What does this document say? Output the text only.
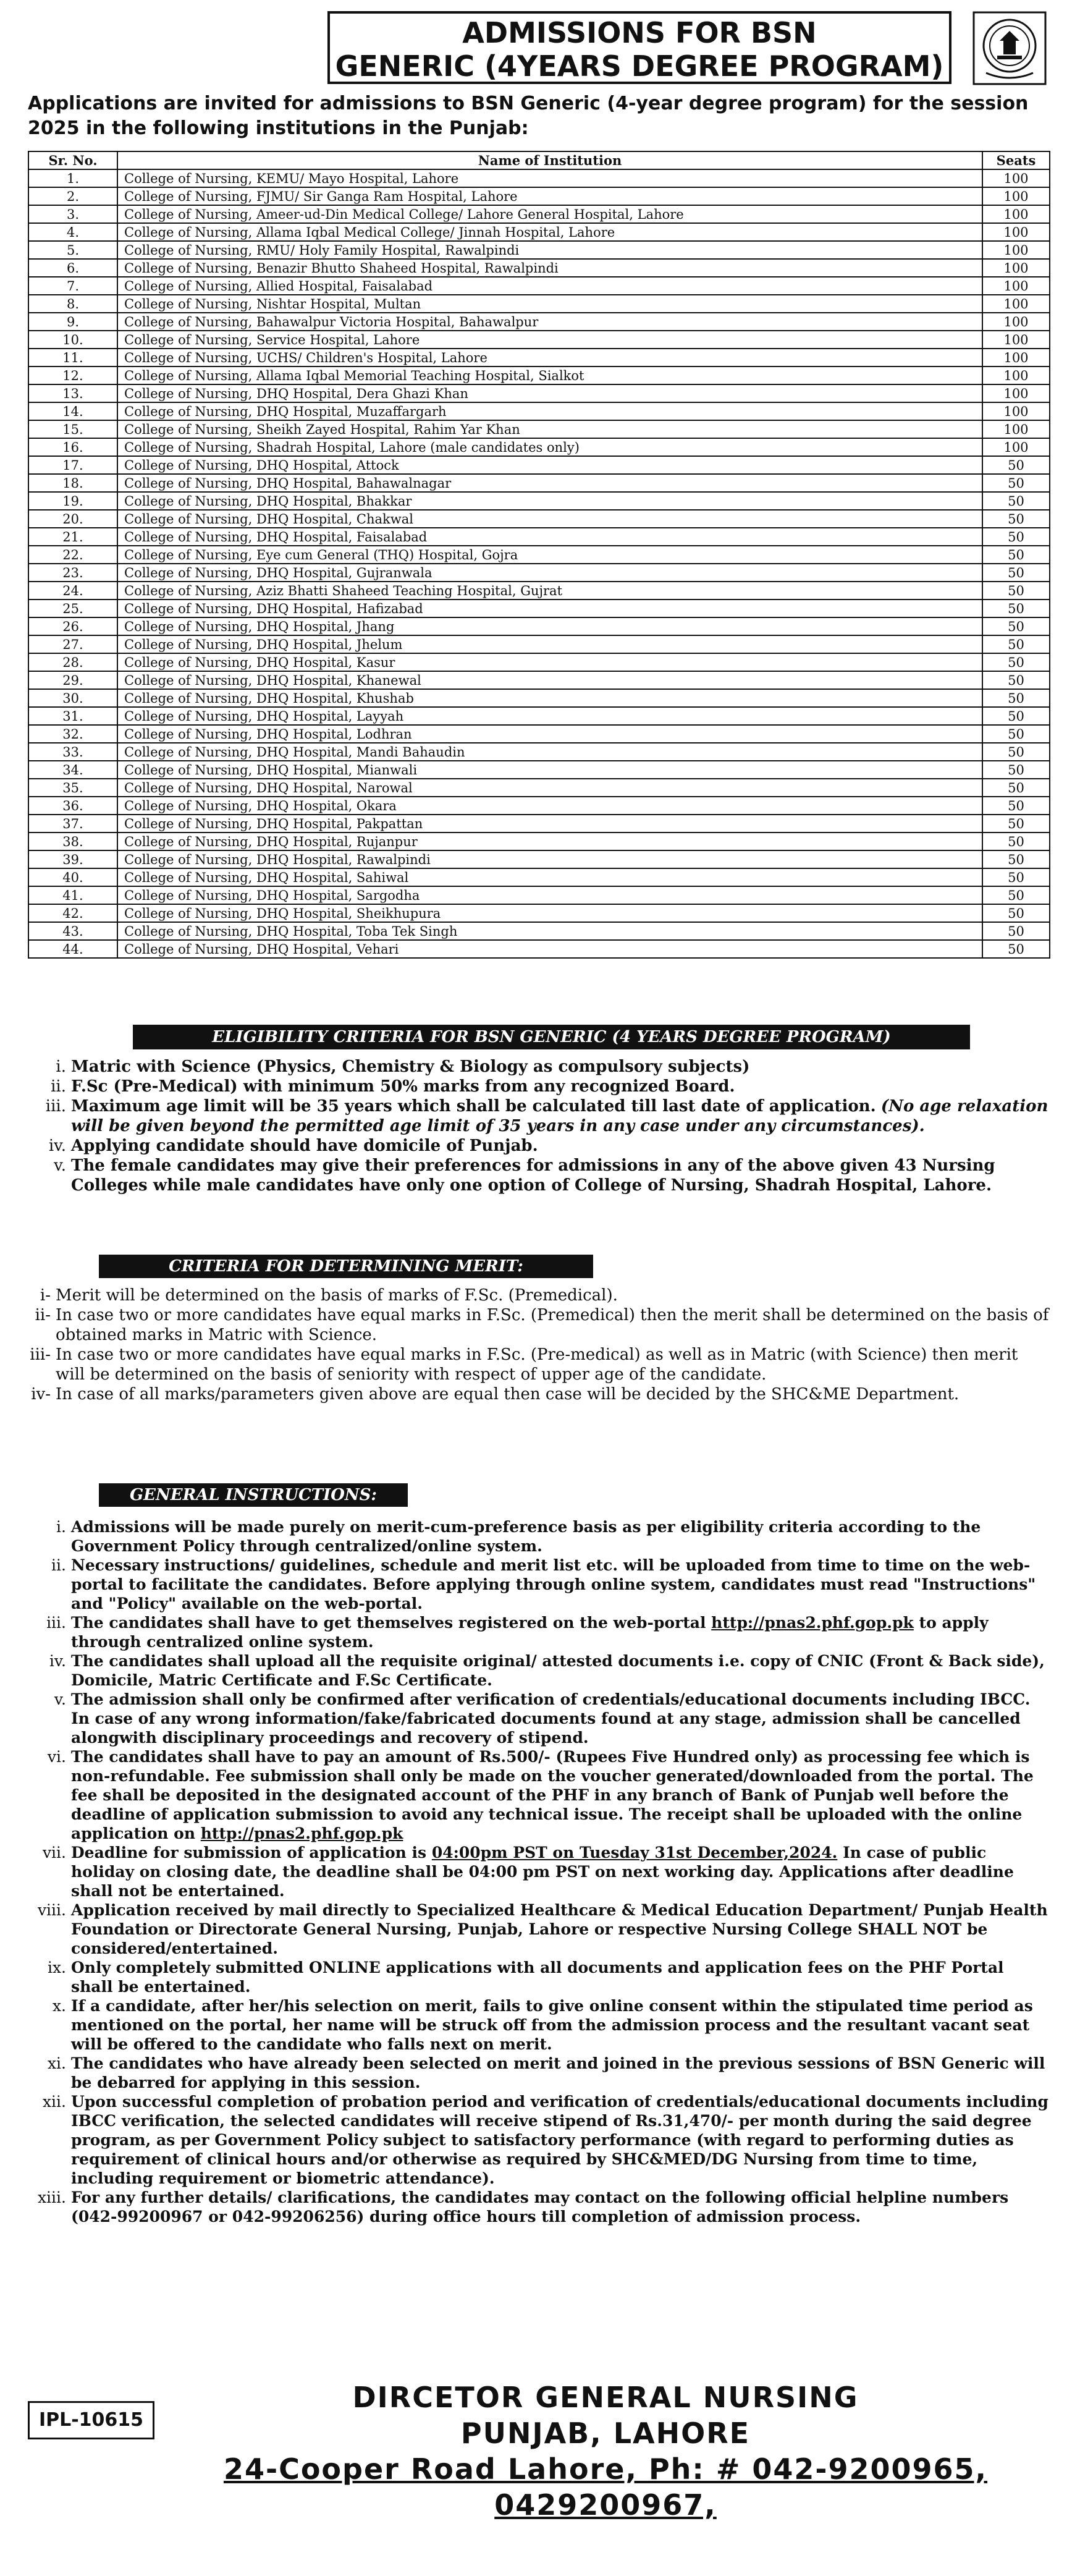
ADMISSIONS FOR BSN
GENERIC (4YEARS DEGREE PROGRAM)
Applications are invited for admissions to BSN Generic (4-year degree program) for the session 2025 in the following institutions in the Punjab:
Sr. No.	Name of Institution	Seats
1.	College of Nursing, KEMU/ Mayo Hospital, Lahore	100
2.	College of Nursing, FJMU/ Sir Ganga Ram Hospital, Lahore	100
3.	College of Nursing, Ameer-ud-Din Medical College/ Lahore General Hospital, Lahore	100
4.	College of Nursing, Allama Iqbal Medical College/ Jinnah Hospital, Lahore	100
5.	College of Nursing, RMU/ Holy Family Hospital, Rawalpindi	100
6.	College of Nursing, Benazir Bhutto Shaheed Hospital, Rawalpindi	100
7.	College of Nursing, Allied Hospital, Faisalabad	100
8.	College of Nursing, Nishtar Hospital, Multan	100
9.	College of Nursing, Bahawalpur Victoria Hospital, Bahawalpur	100
10.	College of Nursing, Service Hospital, Lahore	100
11.	College of Nursing, UCHS/ Children's Hospital, Lahore	100
12.	College of Nursing, Allama Iqbal Memorial Teaching Hospital, Sialkot	100
13.	College of Nursing, DHQ Hospital, Dera Ghazi Khan	100
14.	College of Nursing, DHQ Hospital, Muzaffargarh	100
15.	College of Nursing, Sheikh Zayed Hospital, Rahim Yar Khan	100
16.	College of Nursing, Shadrah Hospital, Lahore (male candidates only)	100
17.	College of Nursing, DHQ Hospital, Attock	50
18.	College of Nursing, DHQ Hospital, Bahawalnagar	50
19.	College of Nursing, DHQ Hospital, Bhakkar	50
20.	College of Nursing, DHQ Hospital, Chakwal	50
21.	College of Nursing, DHQ Hospital, Faisalabad	50
22.	College of Nursing, Eye cum General (THQ) Hospital, Gojra	50
23.	College of Nursing, DHQ Hospital, Gujranwala	50
24.	College of Nursing, Aziz Bhatti Shaheed Teaching Hospital, Gujrat	50
25.	College of Nursing, DHQ Hospital, Hafizabad	50
26.	College of Nursing, DHQ Hospital, Jhang	50
27.	College of Nursing, DHQ Hospital, Jhelum	50
28.	College of Nursing, DHQ Hospital, Kasur	50
29.	College of Nursing, DHQ Hospital, Khanewal	50
30.	College of Nursing, DHQ Hospital, Khushab	50
31.	College of Nursing, DHQ Hospital, Layyah	50
32.	College of Nursing, DHQ Hospital, Lodhran	50
33.	College of Nursing, DHQ Hospital, Mandi Bahaudin	50
34.	College of Nursing, DHQ Hospital, Mianwali	50
35.	College of Nursing, DHQ Hospital, Narowal	50
36.	College of Nursing, DHQ Hospital, Okara	50
37.	College of Nursing, DHQ Hospital, Pakpattan	50
38.	College of Nursing, DHQ Hospital, Rujanpur	50
39.	College of Nursing, DHQ Hospital, Rawalpindi	50
40.	College of Nursing, DHQ Hospital, Sahiwal	50
41.	College of Nursing, DHQ Hospital, Sargodha	50
42.	College of Nursing, DHQ Hospital, Sheikhupura	50
43.	College of Nursing, DHQ Hospital, Toba Tek Singh	50
44.	College of Nursing, DHQ Hospital, Vehari	50
ELIGIBILITY CRITERIA FOR BSN GENERIC (4 YEARS DEGREE PROGRAM)
i. Matric with Science (Physics, Chemistry & Biology as compulsory subjects)
ii. F.Sc (Pre-Medical) with minimum 50% marks from any recognized Board.
iii. Maximum age limit will be 35 years which shall be calculated till last date of application. (No age relaxation will be given beyond the permitted age limit of 35 years in any case under any circumstances).
iv. Applying candidate should have domicile of Punjab.
v. The female candidates may give their preferences for admissions in any of the above given 43 Nursing Colleges while male candidates have only one option of College of Nursing, Shadrah Hospital, Lahore.
CRITERIA FOR DETERMINING MERIT:
i- Merit will be determined on the basis of marks of F.Sc. (Premedical).
ii- In case two or more candidates have equal marks in F.Sc. (Premedical) then the merit shall be determined on the basis of obtained marks in Matric with Science.
iii- In case two or more candidates have equal marks in F.Sc. (Pre-medical) as well as in Matric (with Science) then merit will be determined on the basis of seniority with respect of upper age of the candidate.
iv- In case of all marks/parameters given above are equal then case will be decided by the SHC&ME Department.
GENERAL INSTRUCTIONS:
i. Admissions will be made purely on merit-cum-preference basis as per eligibility criteria according to the Government Policy through centralized/online system.
ii. Necessary instructions/ guidelines, schedule and merit list etc. will be uploaded from time to time on the web-portal to facilitate the candidates. Before applying through online system, candidates must read "Instructions" and "Policy" available on the web-portal.
iii. The candidates shall have to get themselves registered on the web-portal http://pnas2.phf.gop.pk to apply through centralized online system.
iv. The candidates shall upload all the requisite original/ attested documents i.e. copy of CNIC (Front & Back side), Domicile, Matric Certificate and F.Sc Certificate.
v. The admission shall only be confirmed after verification of credentials/educational documents including IBCC. In case of any wrong information/fake/fabricated documents found at any stage, admission shall be cancelled alongwith disciplinary proceedings and recovery of stipend.
vi. The candidates shall have to pay an amount of Rs.500/- (Rupees Five Hundred only) as processing fee which is non-refundable. Fee submission shall only be made on the voucher generated/downloaded from the portal. The fee shall be deposited in the designated account of the PHF in any branch of Bank of Punjab well before the deadline of application submission to avoid any technical issue. The receipt shall be uploaded with the online application on http://pnas2.phf.gop.pk
vii. Deadline for submission of application is 04:00pm PST on Tuesday 31st December,2024. In case of public holiday on closing date, the deadline shall be 04:00 pm PST on next working day. Applications after deadline shall not be entertained.
viii. Application received by mail directly to Specialized Healthcare & Medical Education Department/ Punjab Health Foundation or Directorate General Nursing, Punjab, Lahore or respective Nursing College SHALL NOT be considered/entertained.
ix. Only completely submitted ONLINE applications with all documents and application fees on the PHF Portal shall be entertained.
x. If a candidate, after her/his selection on merit, fails to give online consent within the stipulated time period as mentioned on the portal, her name will be struck off from the admission process and the resultant vacant seat will be offered to the candidate who falls next on merit.
xi. The candidates who have already been selected on merit and joined in the previous sessions of BSN Generic will be debarred for applying in this session.
xii. Upon successful completion of probation period and verification of credentials/educational documents including IBCC verification, the selected candidates will receive stipend of Rs.31,470/- per month during the said degree program, as per Government Policy subject to satisfactory performance (with regard to performing duties as requirement of clinical hours and/or otherwise as required by SHC&MED/DG Nursing from time to time, including requirement or biometric attendance).
xiii. For any further details/ clarifications, the candidates may contact on the following official helpline numbers (042-99200967 or 042-99206256) during office hours till completion of admission process.
IPL-10615
DIRCETOR GENERAL NURSING
PUNJAB, LAHORE
24-Cooper Road Lahore, Ph: # 042-9200965,
0429200967,
